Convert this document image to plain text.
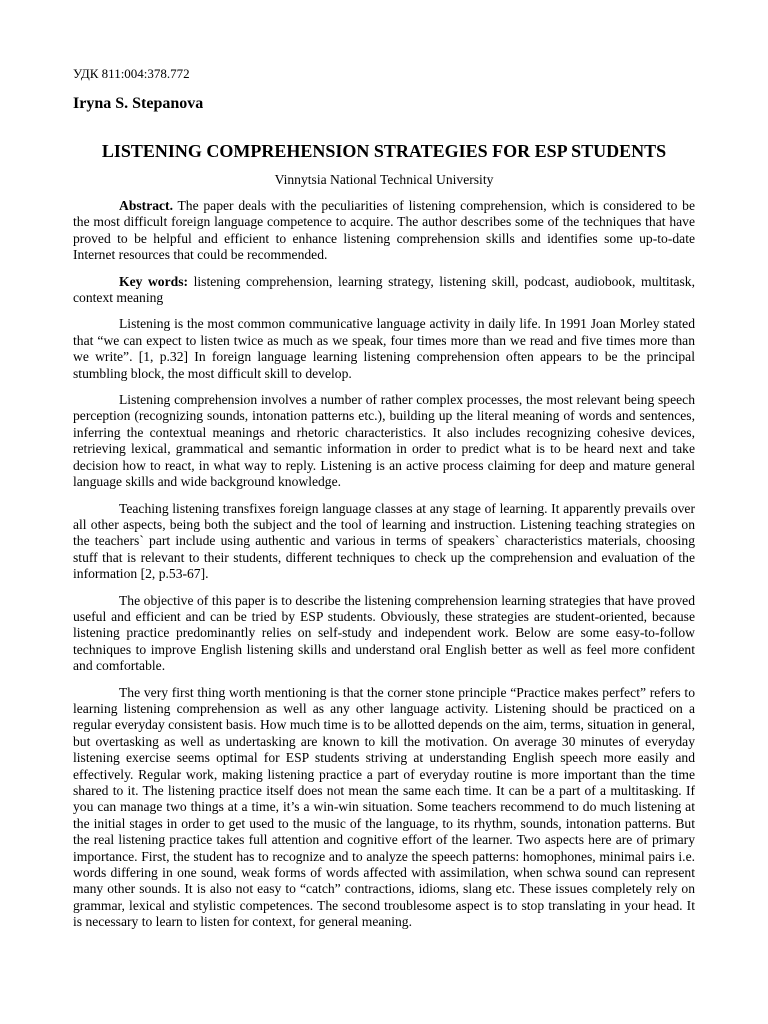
УДК 811:004:378.772
Iryna S. Stepanova
LISTENING COMPREHENSION STRATEGIES FOR ESP STUDENTS
Vinnytsia National Technical University

Abstract. The paper deals with the peculiarities of listening comprehension, which is considered to be the most difficult foreign language competence to acquire. The author describes some of the techniques that have proved to be helpful and efficient to enhance listening comprehension skills and identifies some up-to-date Internet resources that could be recommended.

Key words: listening comprehension, learning strategy, listening skill, podcast, audiobook, multitask, context meaning

Listening is the most common communicative language activity in daily life. In 1991 Joan Morley stated that “we can expect to listen twice as much as we speak, four times more than we read and five times more than we write”. [1, p.32] In foreign language learning listening comprehension often appears to be the principal stumbling block, the most difficult skill to develop.

Listening comprehension involves a number of rather complex processes, the most relevant being speech perception (recognizing sounds, intonation patterns etc.), building up the literal meaning of words and sentences, inferring the contextual meanings and rhetoric characteristics. It also includes recognizing cohesive devices, retrieving lexical, grammatical and semantic information in order to predict what is to be heard next and take decision how to react, in what way to reply. Listening is an active process claiming for deep and mature general language skills and wide background knowledge.

Teaching listening transfixes foreign language classes at any stage of learning. It apparently prevails over all other aspects, being both the subject and the tool of learning and instruction. Listening teaching strategies on the teachers` part include using authentic and various in terms of speakers` characteristics materials, choosing stuff that is relevant to their students, different techniques to check up the comprehension and evaluation of the information [2, p.53-67].

The objective of this paper is to describe the listening comprehension learning strategies that have proved useful and efficient and can be tried by ESP students. Obviously, these strategies are student-oriented, because listening practice predominantly relies on self-study and independent work. Below are some easy-to-follow techniques to improve English listening skills and understand oral English better as well as feel more confident and comfortable.

The very first thing worth mentioning is that the corner stone principle “Practice makes perfect” refers to learning listening comprehension as well as any other language activity. Listening should be practiced on a regular everyday consistent basis. How much time is to be allotted depends on the aim, terms, situation in general, but overtasking as well as undertasking are known to kill the motivation. On average 30 minutes of everyday listening exercise seems optimal for ESP students striving at understanding English speech more easily and effectively. Regular work, making listening practice a part of everyday routine is more important than the time shared to it. The listening practice itself does not mean the same each time. It can be a part of a multitasking. If you can manage two things at a time, it’s a win-win situation. Some teachers recommend to do much listening at the initial stages in order to get used to the music of the language, to its rhythm, sounds, intonation patterns. But the real listening practice takes full attention and cognitive effort of the learner. Two aspects here are of primary importance. First, the student has to recognize and to analyze the speech patterns: homophones, minimal pairs i.e. words differing in one sound, weak forms of words affected with assimilation, when schwa sound can represent many other sounds. It is also not easy to “catch” contractions, idioms, slang etc. These issues completely rely on grammar, lexical and stylistic competences. The second troublesome aspect is to stop translating in your head. It is necessary to learn to listen for context, for general meaning.
